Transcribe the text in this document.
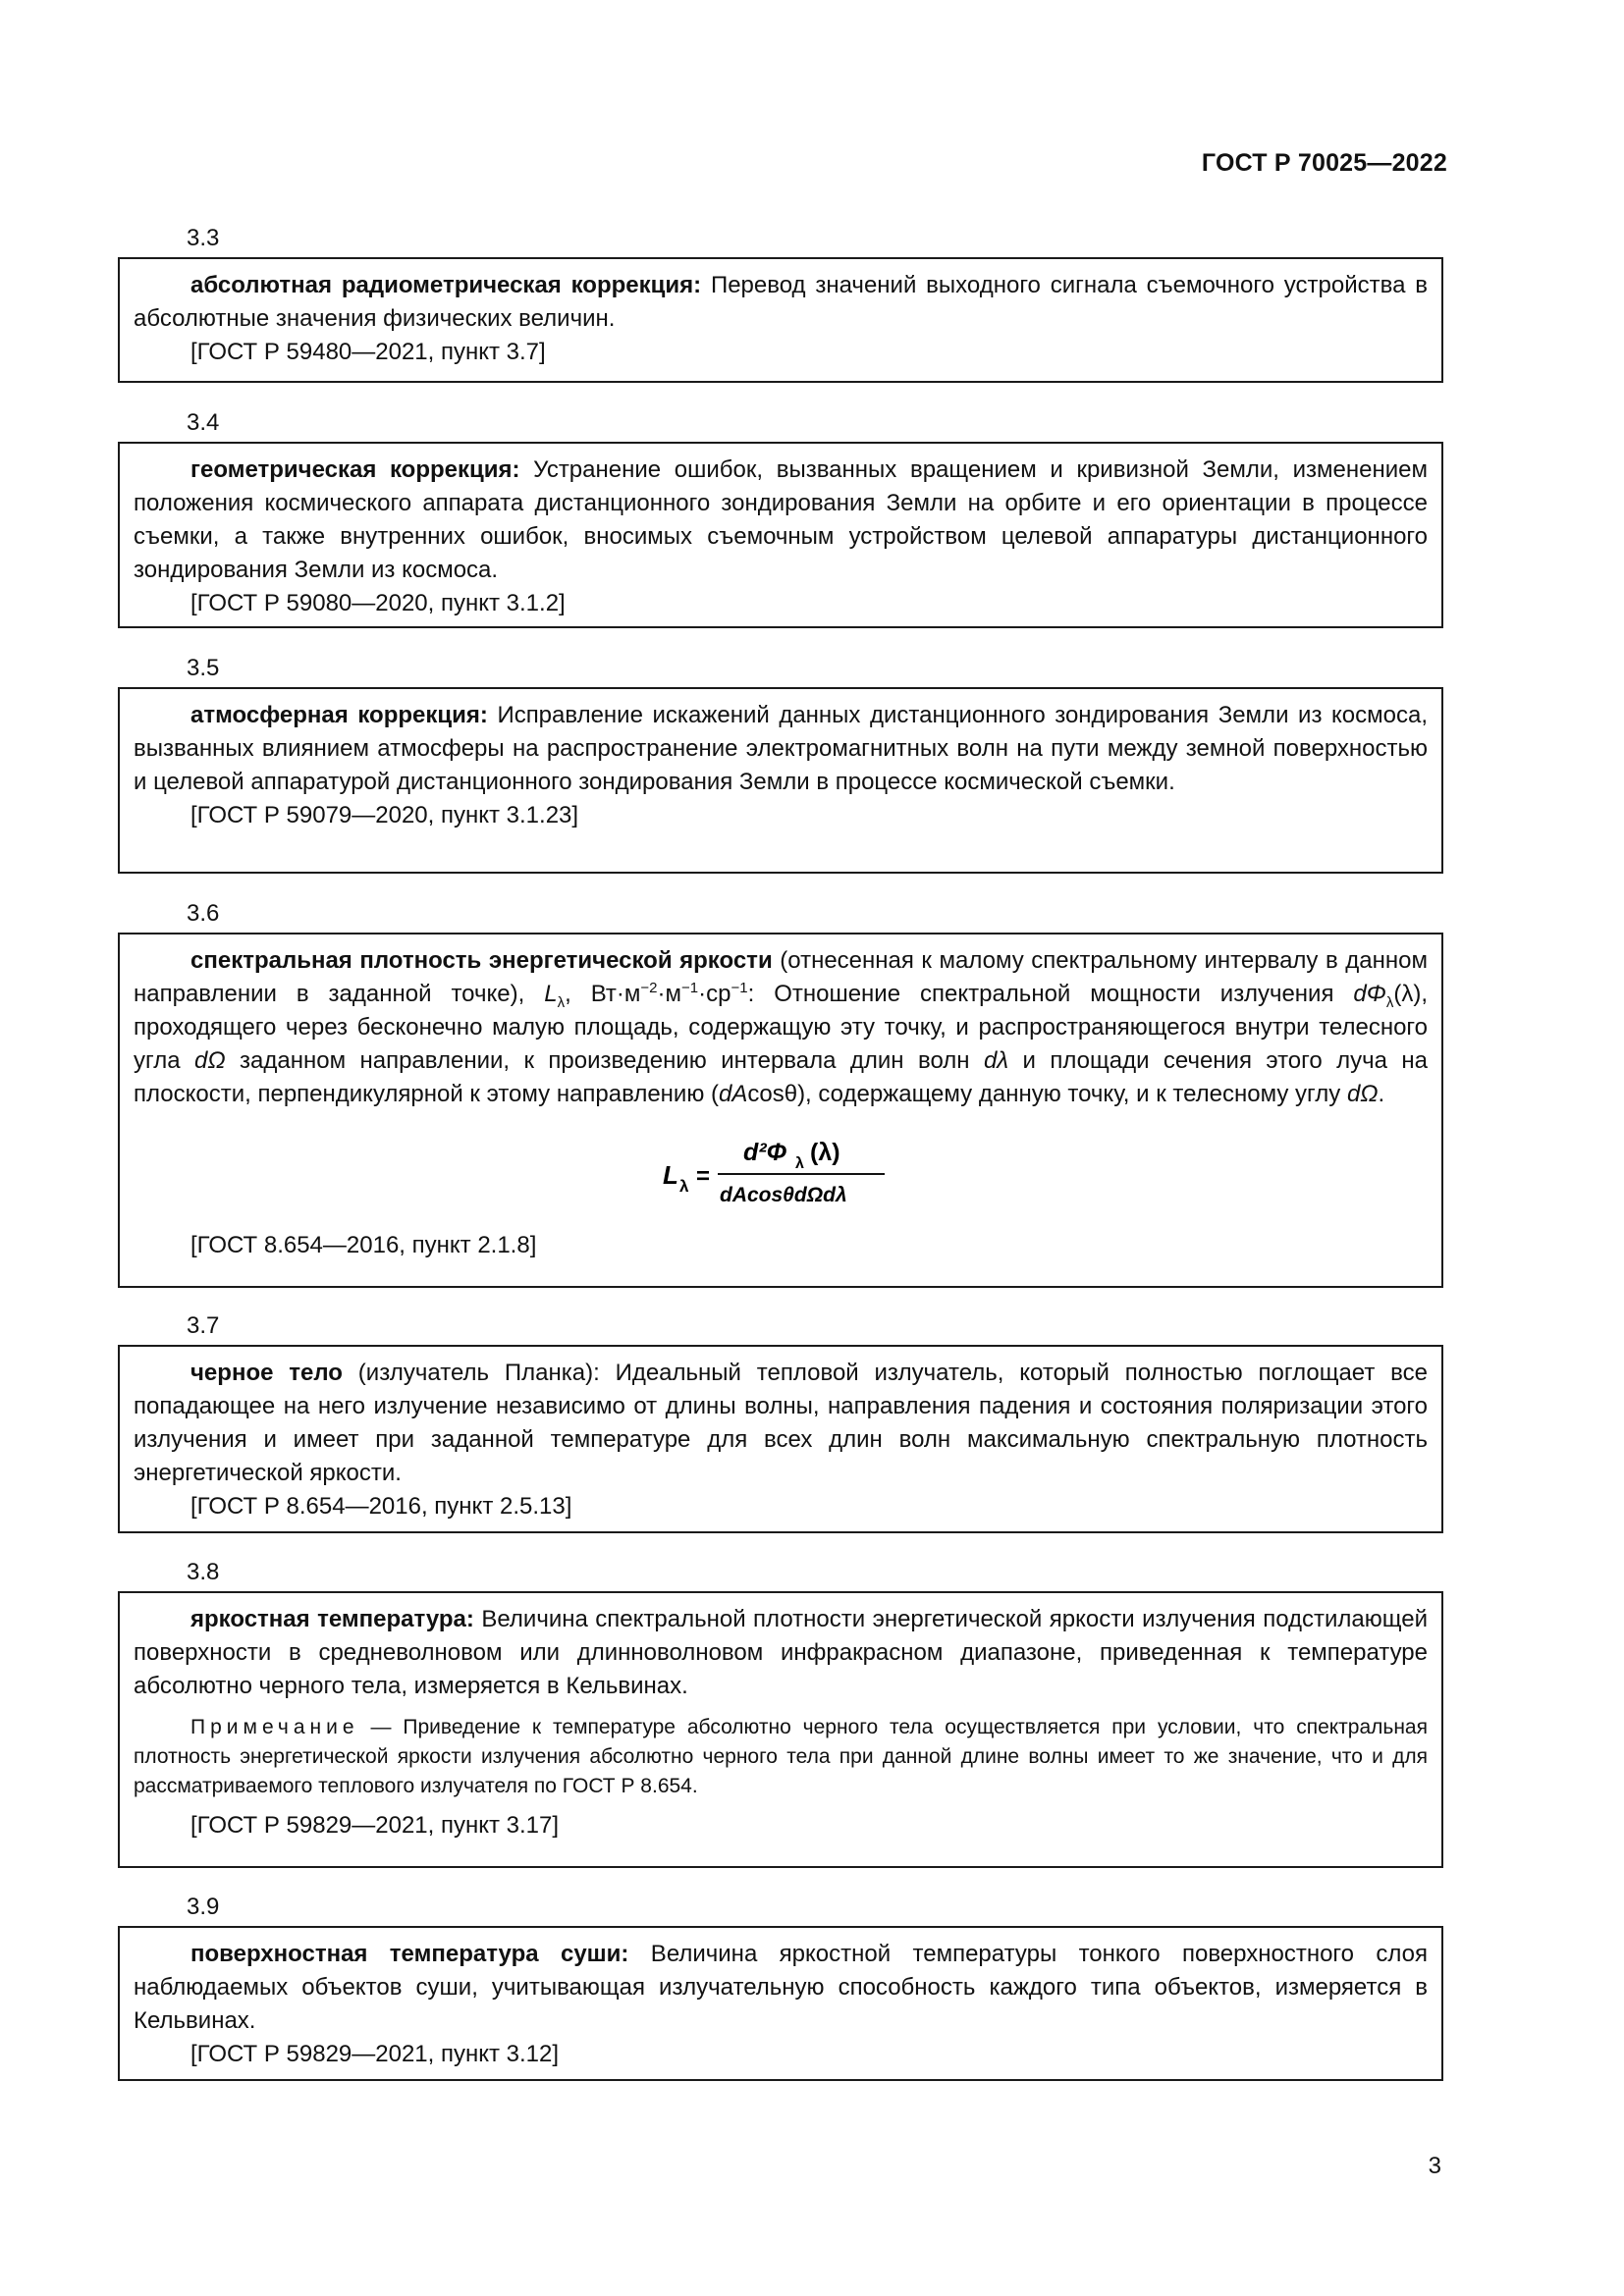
ГОСТ Р 70025—2022
3.3

абсолютная радиометрическая коррекция: Перевод значений выходного сигнала съемочного устройства в абсолютные значения физических величин.

[ГОСТ Р 59480—2021, пункт 3.7]
3.4

геометрическая коррекция: Устранение ошибок, вызванных вращением и кривизной Земли, изменением положения космического аппарата дистанционного зондирования Земли на орбите и его ориентации в процессе съемки, а также внутренних ошибок, вносимых съемочным устройством целевой аппаратуры дистанционного зондирования Земли из космоса.

[ГОСТ Р 59080—2020, пункт 3.1.2]
3.5

атмосферная коррекция: Исправление искажений данных дистанционного зондирования Земли из космоса, вызванных влиянием атмосферы на распространение электромагнитных волн на пути между земной поверхностью и целевой аппаратурой дистанционного зондирования Земли в процессе космической съемки.

[ГОСТ Р 59079—2020, пункт 3.1.23]
3.6

спектральная плотность энергетической яркости (отнесенная к малому спектральному интервалу в данном направлении в заданной точке), $L_\lambda$, $Вт\cdot м^{-2}\cdot м^{-1}\cdot ср^{-1}$: Отношение спектральной мощности излучения $d\Phi_\lambda(\lambda)$, проходящего через бесконечно малую площадь, содержащую эту точку, и распространяющегося внутри телесного угла dΩ заданном направлении, к произведению интервала длин волн dλ и площади сечения этого луча на плоскости, перпендикулярной к этому направлению (dAcosθ), содержащему данную точку, и к телесному углу dΩ.

L λ =
d²Φ λ (λ)
dAcosθdΩdλ
[ГОСТ 8.654—2016, пункт 2.1.8]
3.7

черное тело (излучатель Планка): Идеальный тепловой излучатель, который полностью поглощает все попадающее на него излучение независимо от длины волны, направления падения и состояния поляризации этого излучения и имеет при заданной температуре для всех длин волн максимальную спектральную плотность энергетической яркости.

[ГОСТ Р 8.654—2016, пункт 2.5.13]
3.8

яркостная температура: Величина спектральной плотности энергетической яркости излучения подстилающей поверхности в средневолновом или длинноволновом инфракрасном диапазоне, приведенная к температуре абсолютно черного тела, измеряется в Кельвинах.

Примечание — Приведение к температуре абсолютно черного тела осуществляется при условии, что спектральная плотность энергетической яркости излучения абсолютно черного тела при данной длине волны имеет то же значение, что и для рассматриваемого теплового излучателя по ГОСТ Р 8.654.
[ГОСТ Р 59829—2021, пункт 3.17]
3.9

поверхностная температура суши: Величина яркостной температуры тонкого поверхностного слоя наблюдаемых объектов суши, учитывающая излучательную способность каждого типа объектов, измеряется в Кельвинах.

[ГОСТ Р 59829—2021, пункт 3.12]
3
